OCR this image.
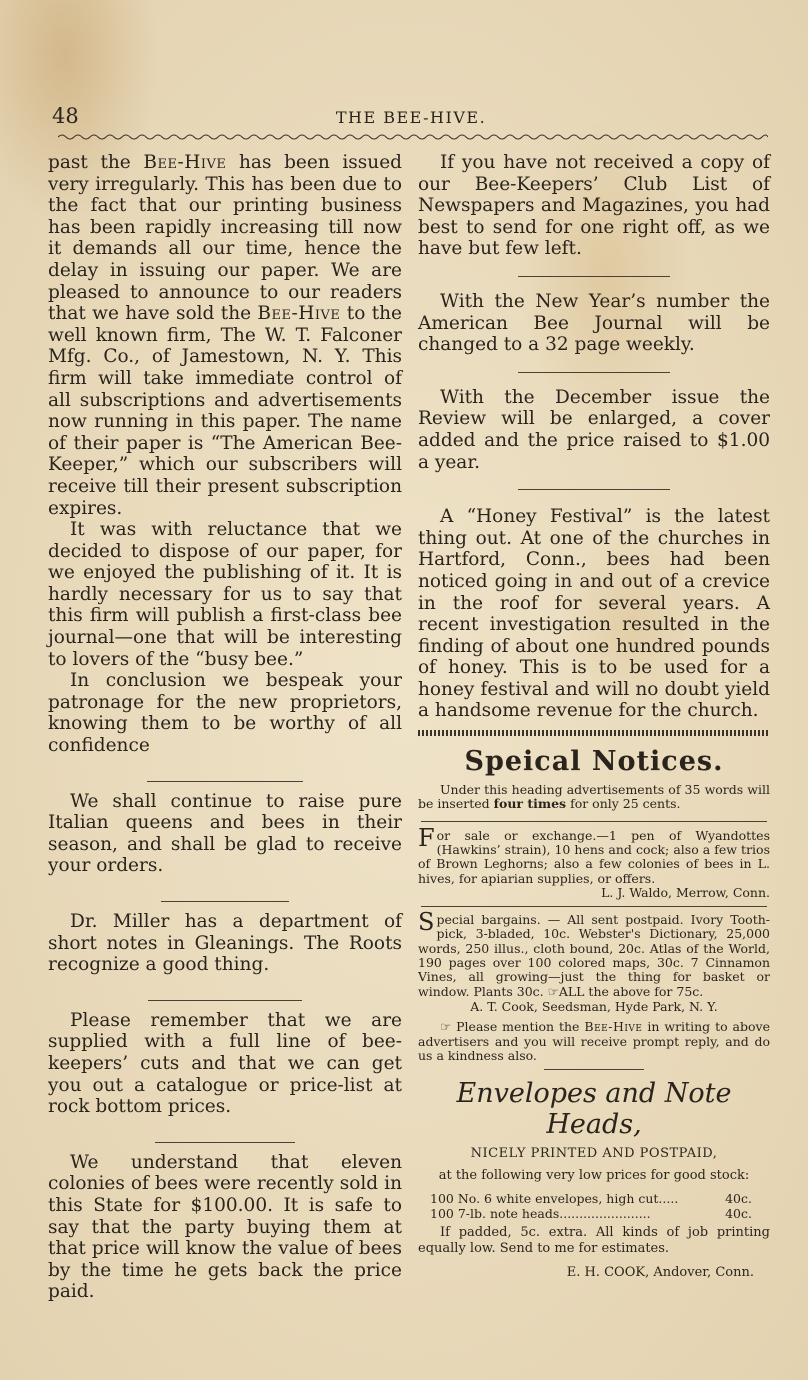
48	THE BEE-HIVE.

past the Bee-Hive has been issued very irregularly. This has been due to the fact that our printing business has been rapidly increasing till now it demands all our time, hence the delay in issuing our paper. We are pleased to announce to our readers that we have sold the Bee-Hive to the well known firm, The W. T. Falconer Mfg. Co., of Jamestown, N. Y. This firm will take immediate control of all subscriptions and advertisements now running in this paper. The name of their paper is “The American Bee-Keeper,” which our subscribers will receive till their present subscription expires.

It was with reluctance that we decided to dispose of our paper, for we enjoyed the publishing of it. It is hardly necessary for us to say that this firm will publish a first-class bee journal—one that will be interesting to lovers of the “busy bee.”

In conclusion we bespeak your patronage for the new proprietors, knowing them to be worthy of all confidence

We shall continue to raise pure Italian queens and bees in their season, and shall be glad to receive your orders.

Dr. Miller has a department of short notes in Gleanings. The Roots recognize a good thing.

Please remember that we are supplied with a full line of bee-keepers’ cuts and that we can get you out a catalogue or price-list at rock bottom prices.

We understand that eleven colonies of bees were recently sold in this State for $100.00. It is safe to say that the party buying them at that price will know the value of bees by the time he gets back the price paid.

If you have not received a copy of our Bee-Keepers’ Club List of Newspapers and Magazines, you had best to send for one right off, as we have but few left.

With the New Year’s number the American Bee Journal will be changed to a 32 page weekly.

With the December issue the Review will be enlarged, a cover added and the price raised to $1.00 a year.

A “Honey Festival” is the latest thing out. At one of the churches in Hartford, Conn., bees had been noticed going in and out of a crevice in the roof for several years. A recent investigation resulted in the finding of about one hundred pounds of honey. This is to be used for a honey festival and will no doubt yield a handsome revenue for the church.

Speical Notices.

Under this heading advertisements of 35 words will be inserted four times for only 25 cents.

For sale or exchange.—1 pen of Wyandottes (Hawkins’ strain), 10 hens and cock; also a few trios of Brown Leghorns; also a few colonies of bees in L. hives, for apiarian supplies, or offers.
L. J. Waldo, Merrow, Conn.

Special bargains. — All sent postpaid. Ivory Tooth-pick, 3-bladed, 10c. Webster's Dictionary, 25,000 words, 250 illus., cloth bound, 20c. Atlas of the World, 190 pages over 100 colored maps, 30c. 7 Cinnamon Vines, all growing—just the thing for basket or window. Plants 30c. ☞ALL the above for 75c.

A. T. Cook, Seedsman, Hyde Park, N. Y.

☞ Please mention the Bee-Hive in writing to above advertisers and you will receive prompt reply, and do us a kindness also.

Envelopes and Note Heads,

NICELY PRINTED AND POSTPAID,

at the following very low prices for good stock:

100 No. 6 white envelopes, high cut.....	40c.
100 7-lb. note heads.......................	40c.

If padded, 5c. extra. All kinds of job printing equally low. Send to me for estimates.

E. H. COOK, Andover, Conn.
